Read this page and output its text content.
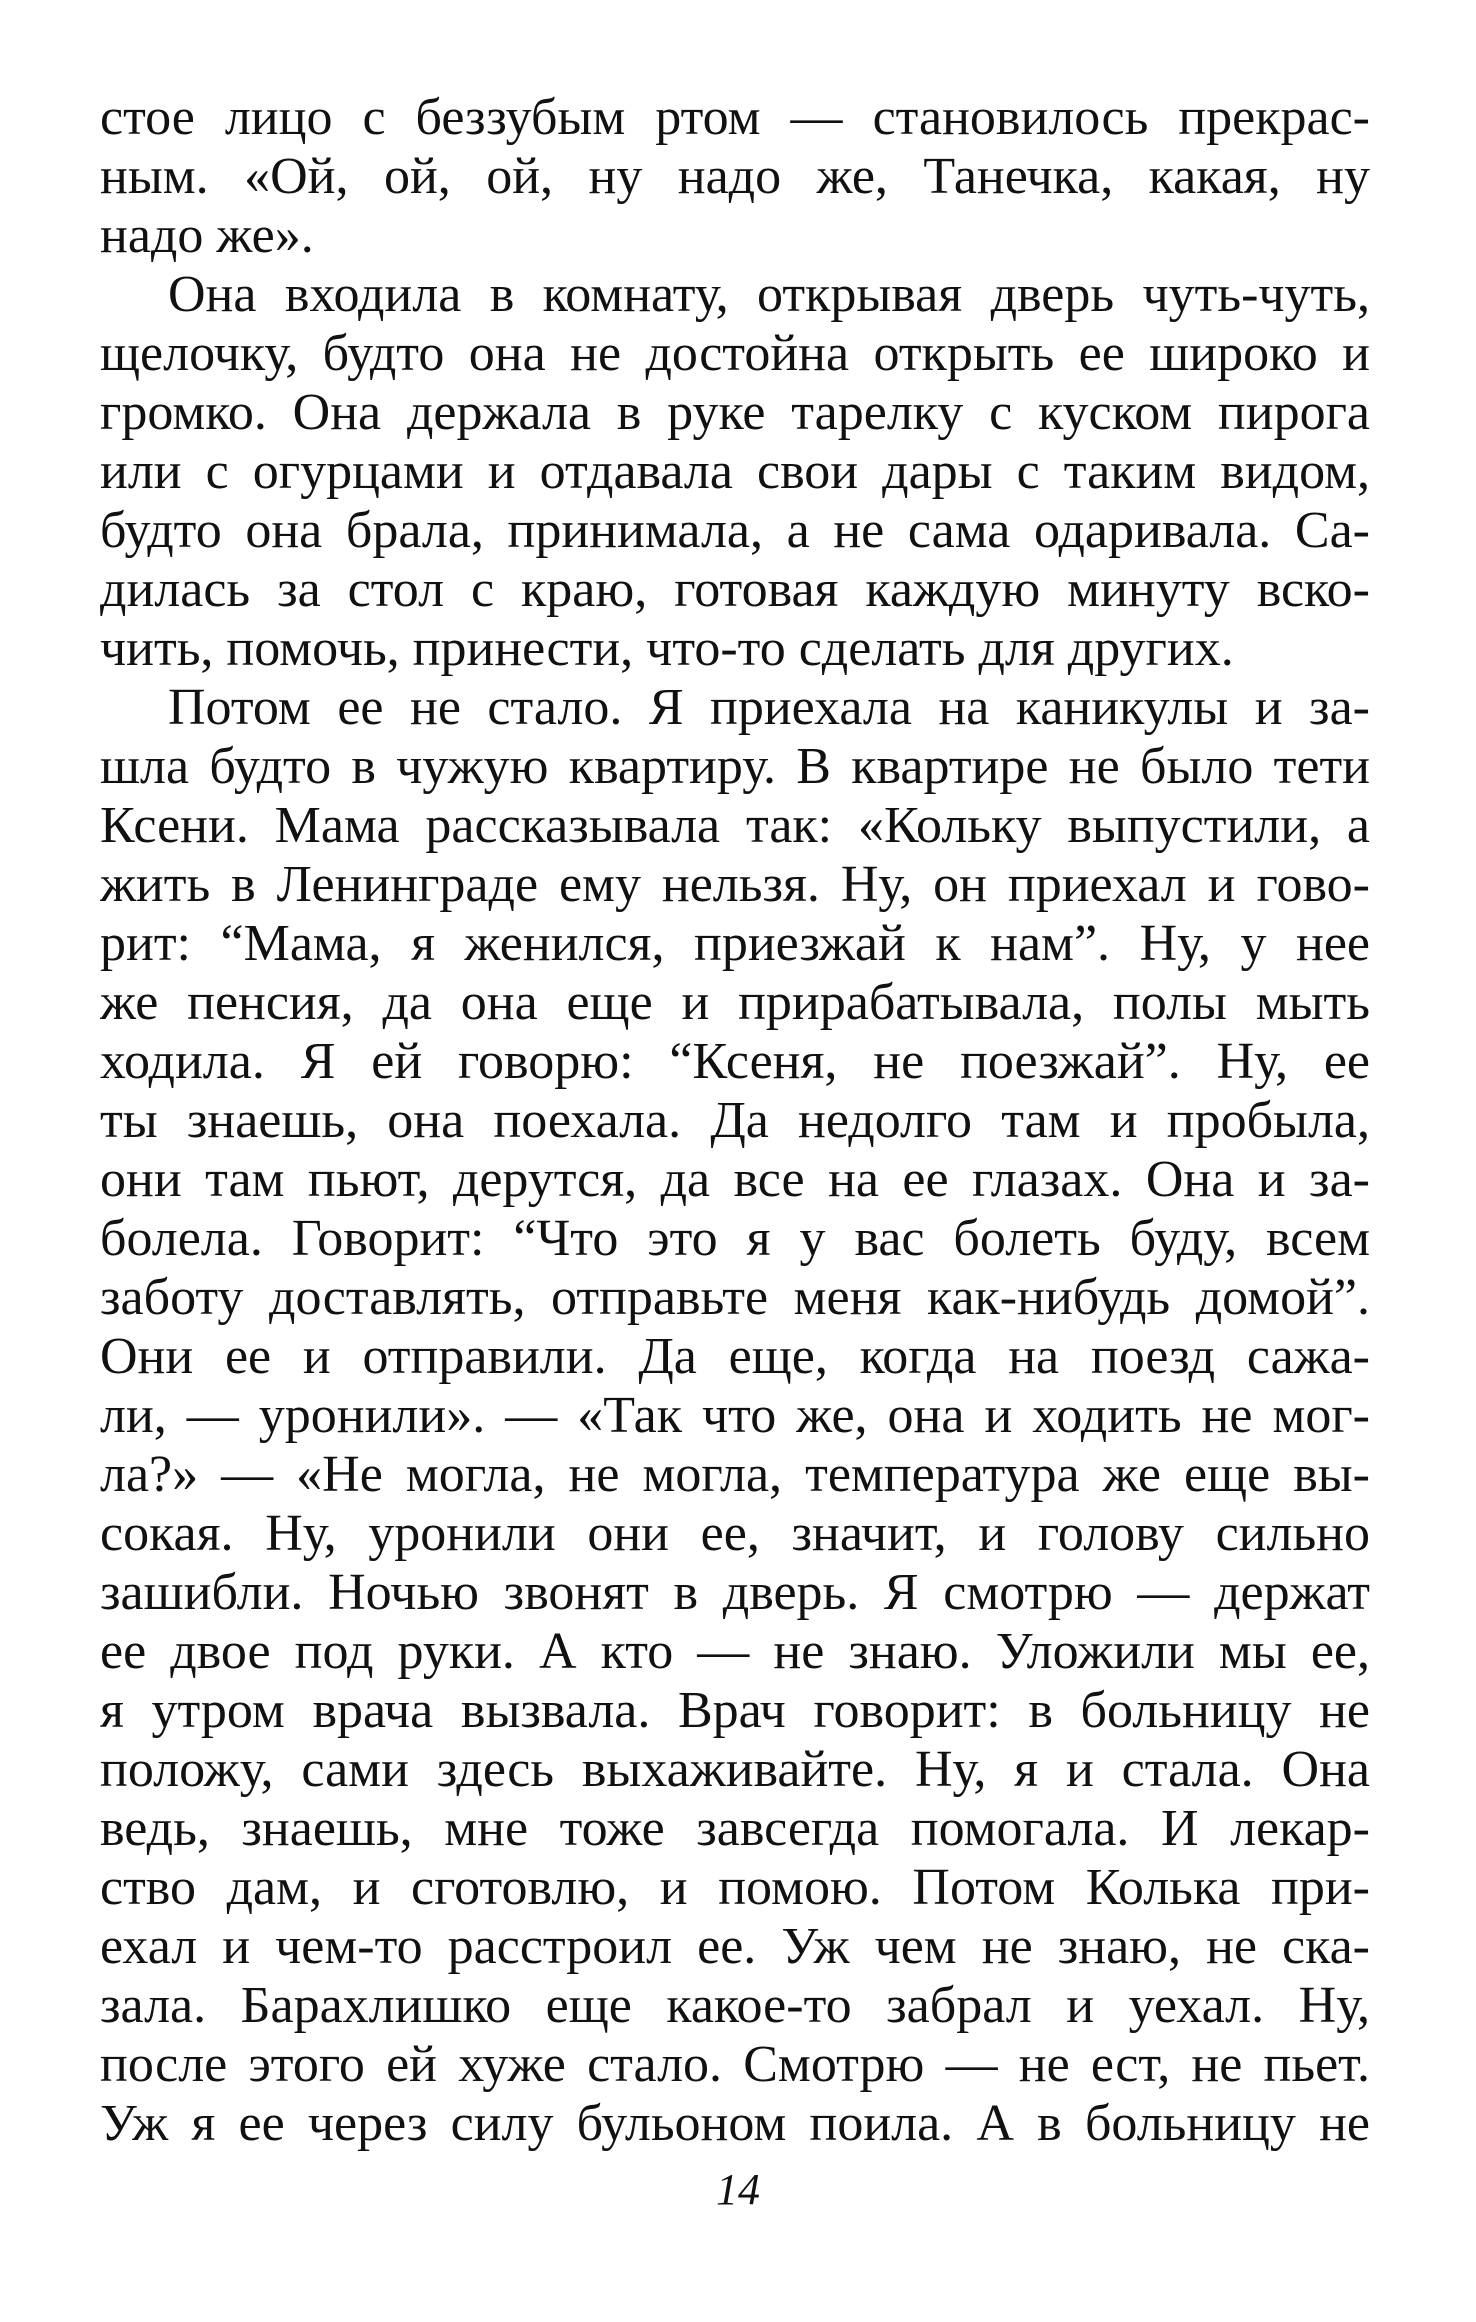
стое лицо с беззубым ртом — становилось прекрас-
ным. «Ой, ой, ой, ну надо же, Танечка, какая, ну
надо же».
Она входила в комнату, открывая дверь чуть-чуть,
щелочку, будто она не достойна открыть ее широко и
громко. Она держала в руке тарелку с куском пирога
или с огурцами и отдавала свои дары с таким видом,
будто она брала, принимала, а не сама одаривала. Са-
дилась за стол с краю, готовая каждую минуту вско-
чить, помочь, принести, что-то сделать для других.
Потом ее не стало. Я приехала на каникулы и за-
шла будто в чужую квартиру. В квартире не было тети
Ксени. Мама рассказывала так: «Кольку выпустили, а
жить в Ленинграде ему нельзя. Ну, он приехал и гово-
рит: “Мама, я женился, приезжай к нам”. Ну, у нее
же пенсия, да она еще и прирабатывала, полы мыть
ходила. Я ей говорю: “Ксеня, не поезжай”. Ну, ее
ты знаешь, она поехала. Да недолго там и пробыла,
они там пьют, дерутся, да все на ее глазах. Она и за-
болела. Говорит: “Что это я у вас болеть буду, всем
заботу доставлять, отправьте меня как-нибудь домой”.
Они ее и отправили. Да еще, когда на поезд сажа-
ли, — уронили». — «Так что же, она и ходить не мог-
ла?» — «Не могла, не могла, температура же еще вы-
сокая. Ну, уронили они ее, значит, и голову сильно
зашибли. Ночью звонят в дверь. Я смотрю — держат
ее двое под руки. А кто — не знаю. Уложили мы ее,
я утром врача вызвала. Врач говорит: в больницу не
положу, сами здесь выхаживайте. Ну, я и стала. Она
ведь, знаешь, мне тоже завсегда помогала. И лекар-
ство дам, и сготовлю, и помою. Потом Колька при-
ехал и чем-то расстроил ее. Уж чем не знаю, не ска-
зала. Барахлишко еще какое-то забрал и уехал. Ну,
после этого ей хуже стало. Смотрю — не ест, не пьет.
Уж я ее через силу бульоном поила. А в больницу не
14
